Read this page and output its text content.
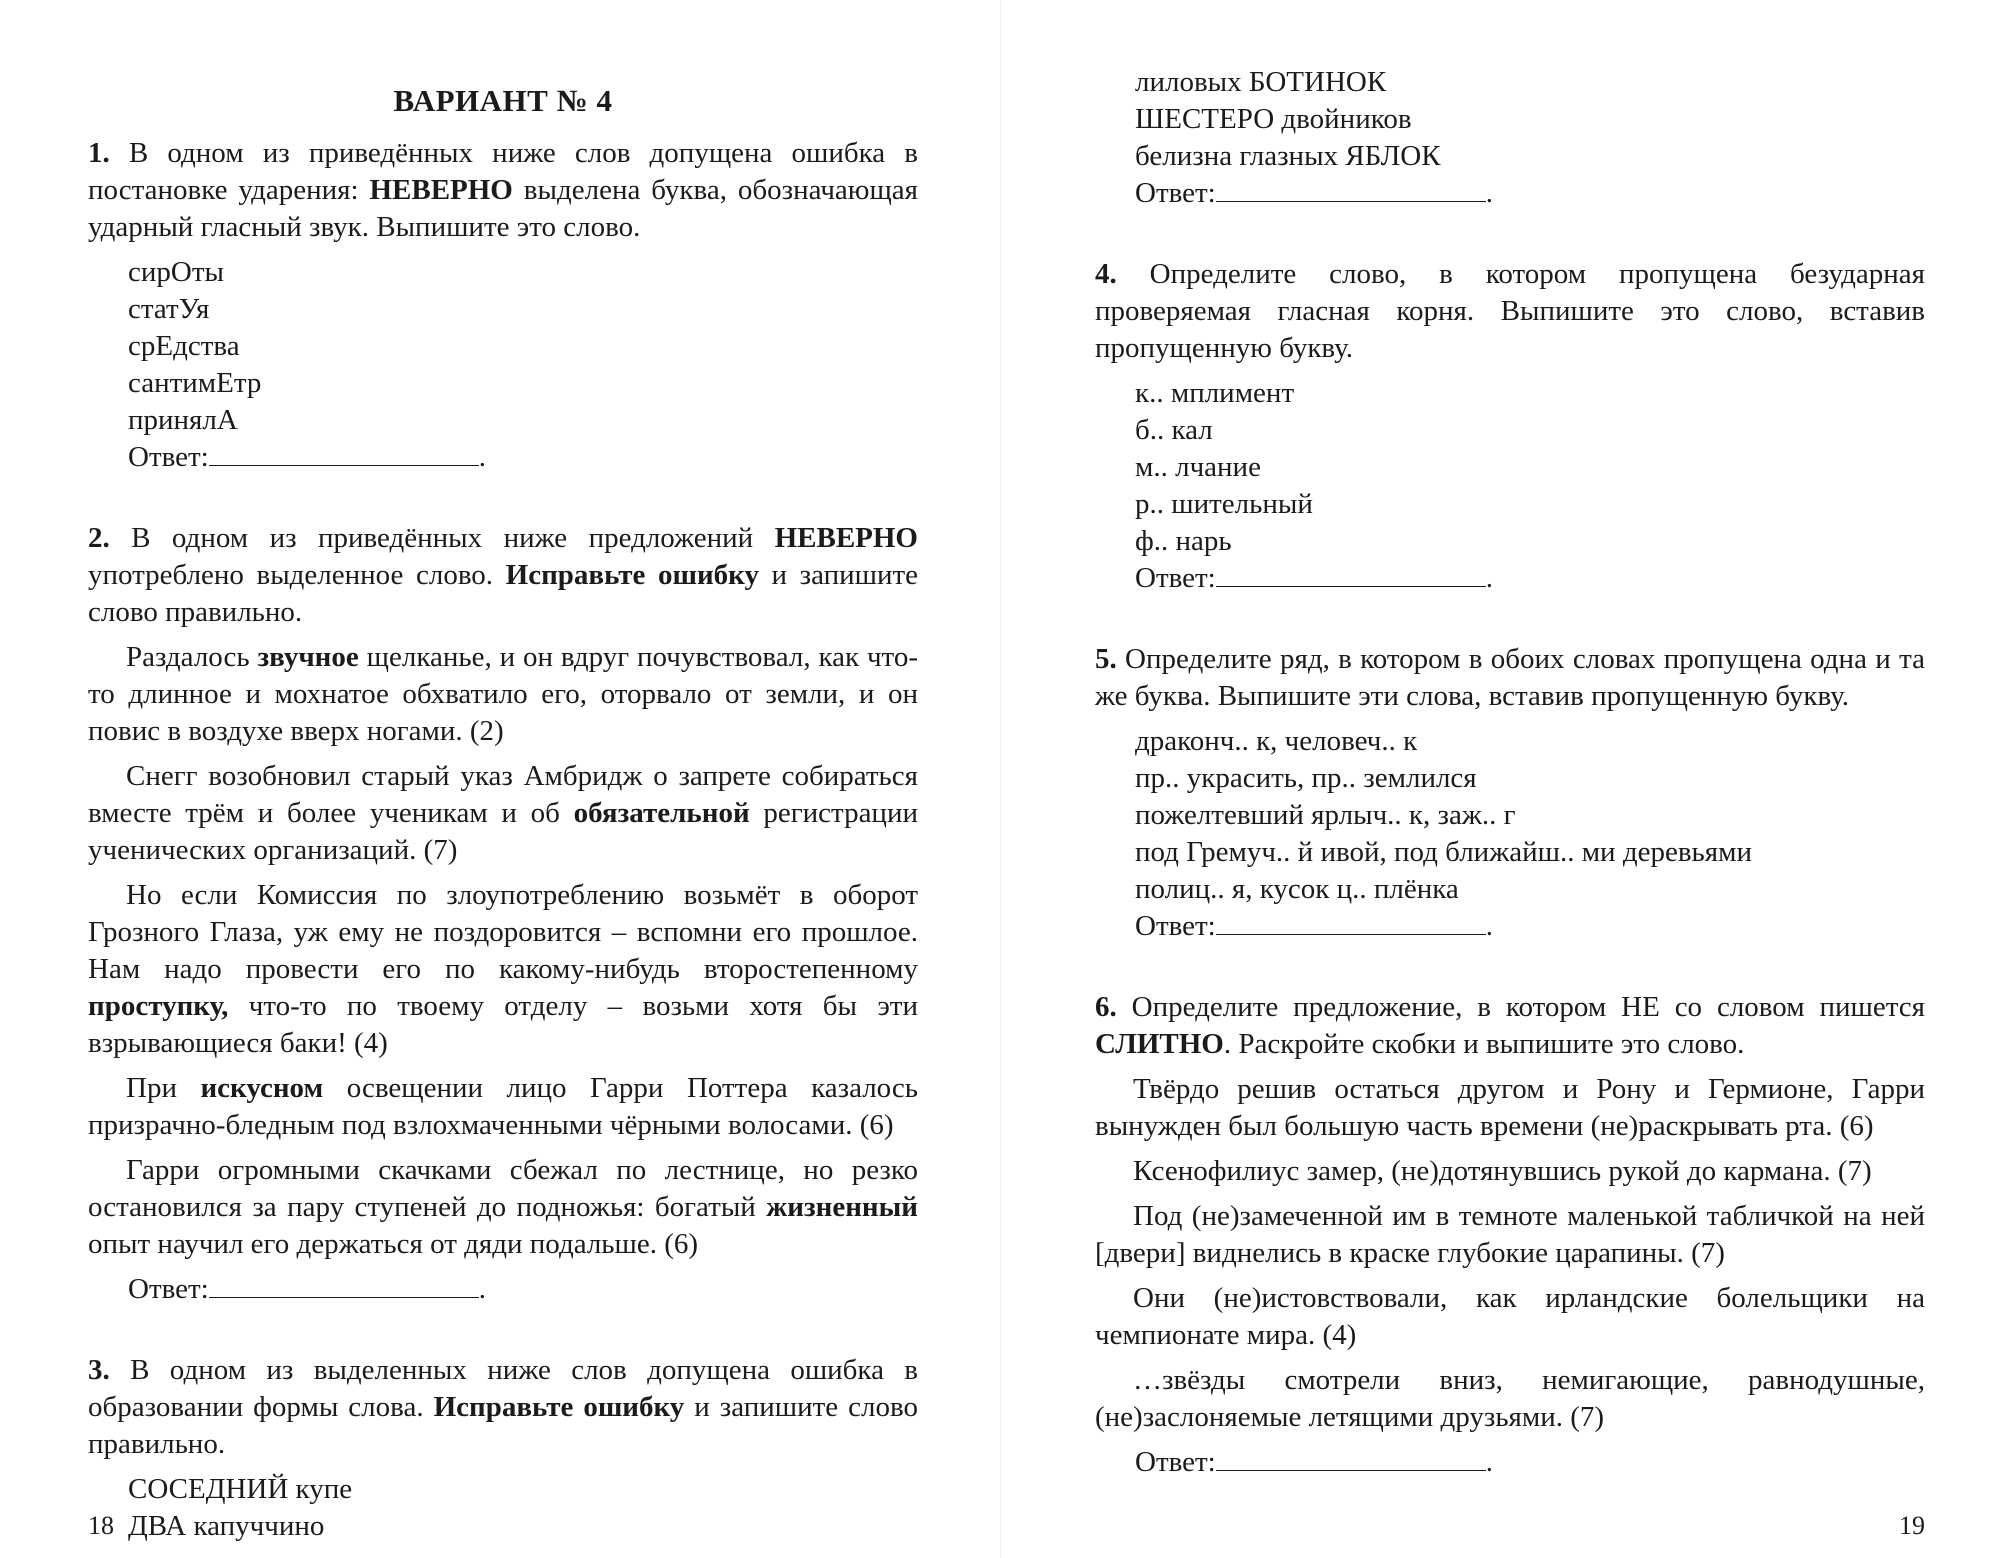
ВАРИАНТ № 4
1. В одном из приведённых ниже слов допущена ошибка в постановке ударения: НЕВЕРНО выделена буква, обозначающая ударный гласный звук. Выпишите это слово.
сирОты
статУя
срЕдства
сантимЕтр
принялА
Ответ:	.
2. В одном из приведённых ниже предложений НЕВЕРНО употреблено выделенное слово. Исправьте ошибку и запишите слово правильно.
Раздалось звучное щелканье, и он вдруг почувствовал, как что-то длинное и мохнатое обхватило его, оторвало от земли, и он повис в воздухе вверх ногами. (2)
Снегг возобновил старый указ Амбридж о запрете собираться вместе трём и более ученикам и об обязательной регистрации ученических организаций. (7)
Но если Комиссия по злоупотреблению возьмёт в оборот Грозного Глаза, уж ему не поздоровится – вспомни его прошлое. Нам надо провести его по какому-нибудь второстепенному проступку, что-то по твоему отделу – возьми хотя бы эти взрывающиеся баки! (4)
При искусном освещении лицо Гарри Поттера казалось призрачно-бледным под взлохмаченными чёрными волосами. (6)
Гарри огромными скачками сбежал по лестнице, но резко остановился за пару ступеней до подножья: богатый жизненный опыт научил его держаться от дяди подальше. (6)
Ответ:	.
3. В одном из выделенных ниже слов допущена ошибка в образовании формы слова. Исправьте ошибку и запишите слово правильно.
СОСЕДНИЙ купе
ДВА капуччино
18
лиловых БОТИНОК
ШЕСТЕРО двойников
белизна глазных ЯБЛОК
Ответ:	.
4. Определите слово, в котором пропущена безударная проверяемая гласная корня. Выпишите это слово, вставив пропущенную букву.
к.. мплимент
б.. кал
м.. лчание
р.. шительный
ф.. нарь
Ответ:	.
5. Определите ряд, в котором в обоих словах пропущена одна и та же буква. Выпишите эти слова, вставив пропущенную букву.
драконч.. к, человеч.. к
пр.. украсить, пр.. землился
пожелтевший ярлыч.. к, заж.. г
под Гремуч.. й ивой, под ближайш.. ми деревьями
полиц.. я, кусок ц.. плёнка
Ответ:	.
6. Определите предложение, в котором НЕ со словом пишется СЛИТНО. Раскройте скобки и выпишите это слово.
Твёрдо решив остаться другом и Рону и Гермионе, Гарри вынужден был большую часть времени (не)раскрывать рта. (6)
Ксенофилиус замер, (не)дотянувшись рукой до кармана. (7)
Под (не)замеченной им в темноте маленькой табличкой на ней [двери] виднелись в краске глубокие царапины. (7)
Они (не)истовствовали, как ирландские болельщики на чемпионате мира. (4)
…звёзды смотрели вниз, немигающие, равнодушные, (не)заслоняемые летящими друзьями. (7)
Ответ:	.
19
